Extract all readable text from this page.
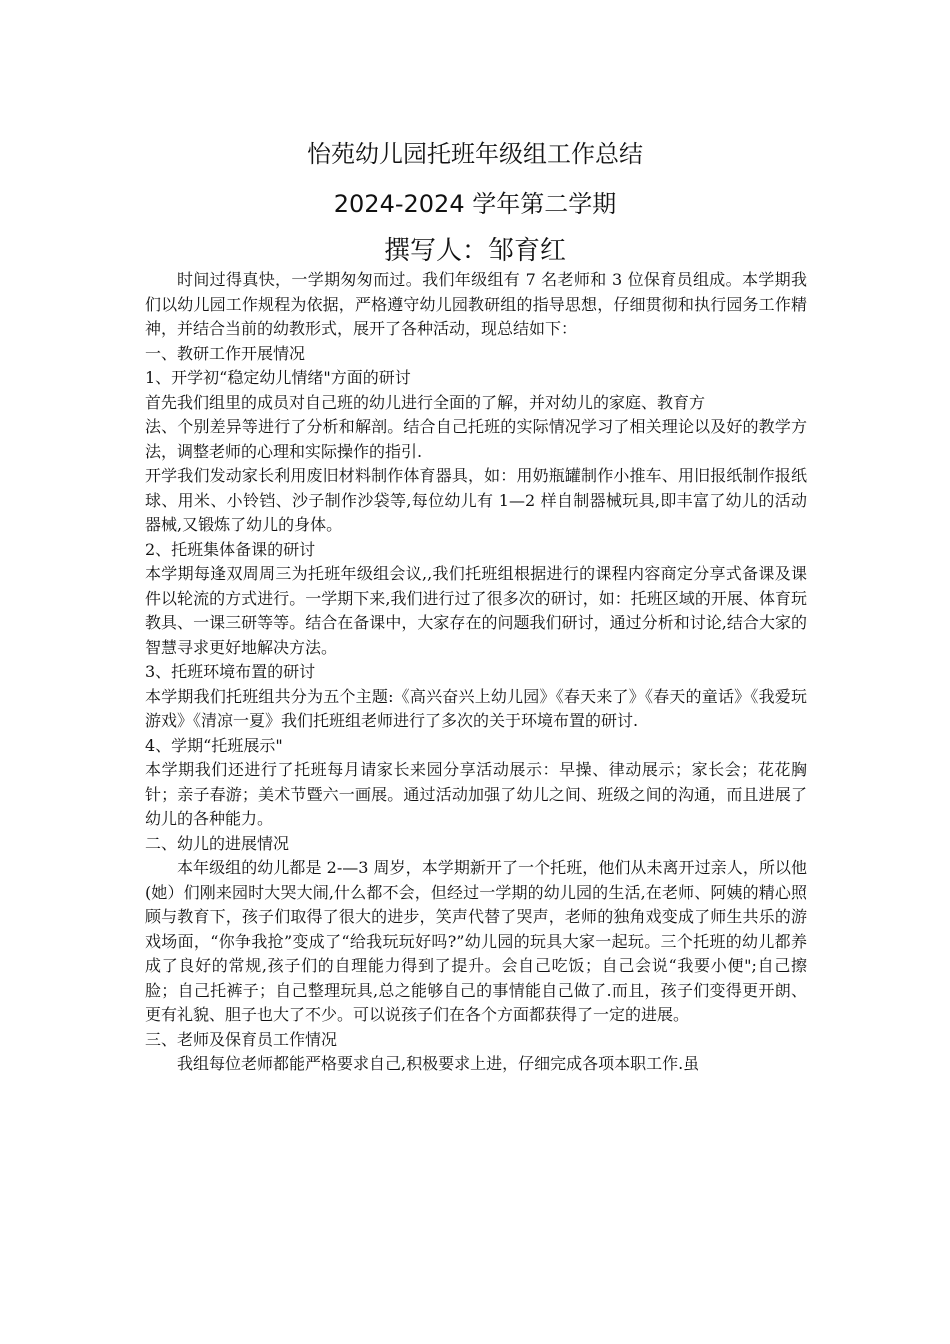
怡苑幼儿园托班年级组工作总结
2024-2024 学年第二学期
撰写人：邹育红

时间过得真快，一学期匆匆而过。我们年级组有 7 名老师和 3 位保育员组成。本学期我们以幼儿园工作规程为依据，严格遵守幼儿园教研组的指导思想，仔细贯彻和执行园务工作精神，并结合当前的幼教形式，展开了各种活动，现总结如下：

一、教研工作开展情况

1、开学初“稳定幼儿情绪"方面的研讨

首先我们组里的成员对自己班的幼儿进行全面的了解，并对幼儿的家庭、教育方

法、个别差异等进行了分析和解剖。结合自己托班的实际情况学习了相关理论以及好的教学方法，调整老师的心理和实际操作的指引.

开学我们发动家长利用废旧材料制作体育器具，如：用奶瓶罐制作小推车、用旧报纸制作报纸球、用米、小铃铛、沙子制作沙袋等,每位幼儿有 1—2 样自制器械玩具,即丰富了幼儿的活动器械,又锻炼了幼儿的身体。

2、托班集体备课的研讨

本学期每逢双周周三为托班年级组会议,,我们托班组根据进行的课程内容商定分享式备课及课件以轮流的方式进行。一学期下来,我们进行过了很多次的研讨，如：托班区域的开展、体育玩教具、一课三研等等。结合在备课中，大家存在的问题我们研讨，通过分析和讨论,结合大家的智慧寻求更好地解决方法。

3、托班环境布置的研讨

本学期我们托班组共分为五个主题:《高兴奋兴上幼儿园》《春天来了》《春天的童话》《我爱玩游戏》《清凉一夏》我们托班组老师进行了多次的关于环境布置的研讨.

4、学期“托班展示"

本学期我们还进行了托班每月请家长来园分享活动展示：早操、律动展示；家长会；花花胸针；亲子春游；美术节暨六一画展。通过活动加强了幼儿之间、班级之间的沟通，而且进展了幼儿的各种能力。

二、幼儿的进展情况

本年级组的幼儿都是 2-—3 周岁，本学期新开了一个托班，他们从未离开过亲人，所以他(她）们刚来园时大哭大闹,什么都不会，但经过一学期的幼儿园的生活,在老师、阿姨的精心照顾与教育下，孩子们取得了很大的进步，笑声代替了哭声，老师的独角戏变成了师生共乐的游戏场面，“你争我抢”变成了“给我玩玩好吗?”幼儿园的玩具大家一起玩。三个托班的幼儿都养成了良好的常规,孩子们的自理能力得到了提升。会自己吃饭；自己会说“我要小便";自己擦脸；自己托裤子；自己整理玩具,总之能够自己的事情能自己做了.而且，孩子们变得更开朗、更有礼貌、胆子也大了不少。可以说孩子们在各个方面都获得了一定的进展。

三、老师及保育员工作情况

我组每位老师都能严格要求自己,积极要求上进，仔细完成各项本职工作.虽
